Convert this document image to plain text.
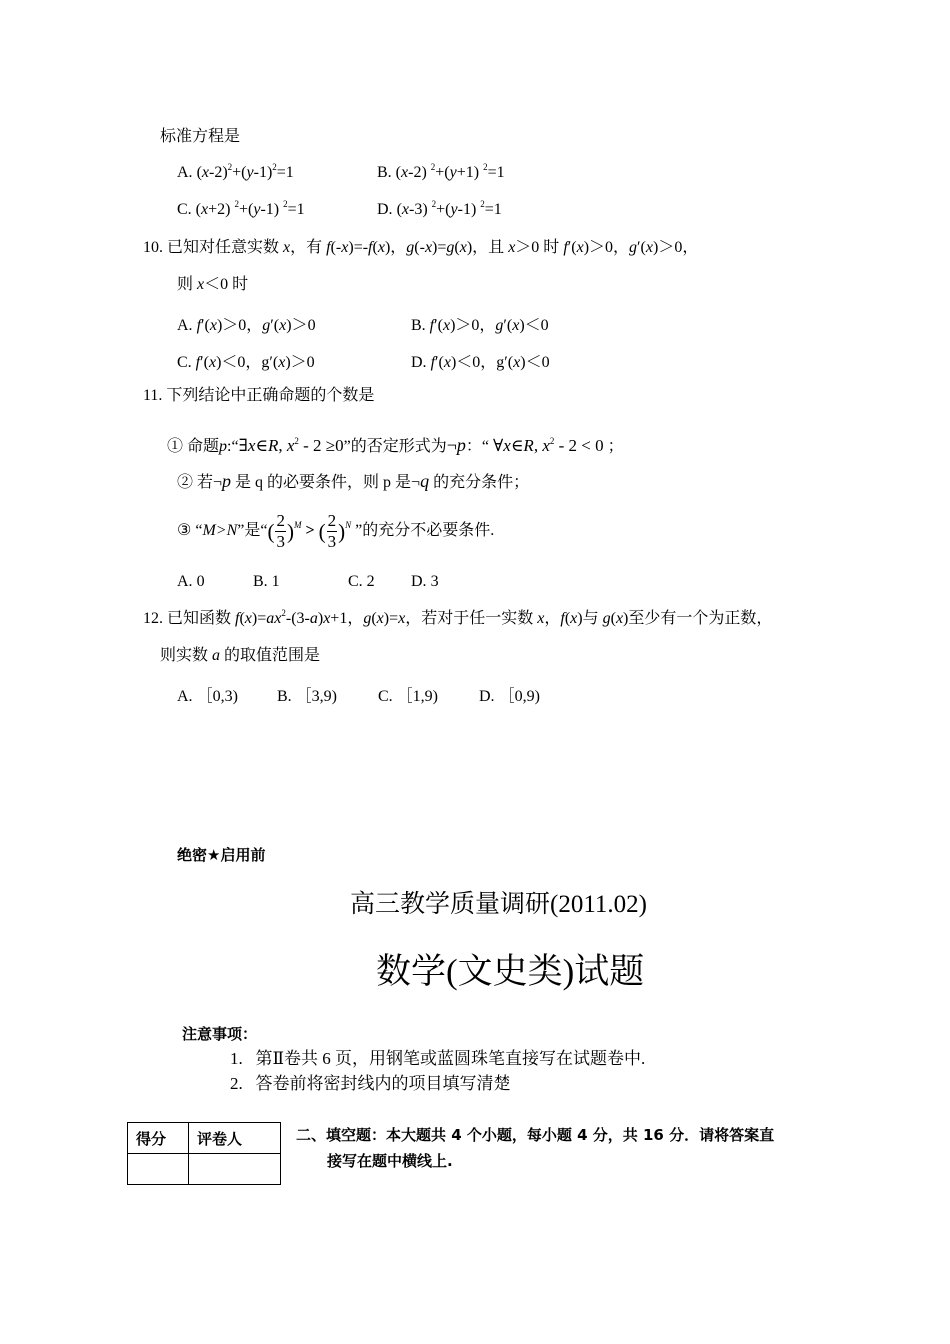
标准方程是
A. $(x-2)^2+(y-1)^2=1$	B. (x-2) $^2$+(y+1) $^2$=1
C. (x+2) $^2$+(y-1) $^2$=1	D. (x-3) $^2$+(y-1) $^2$=1
10. 已知对任意实数 x，有 f(-x)=-f(x)，g(-x)=g(x)，且 x＞0 时 f′(x)＞0，g′(x)＞0，
则 x＜0 时
A. f′(x)＞0，g′(x)＞0	B. f′(x)＞0，g′(x)＜0
C. f′(x)＜0，g′(x)＞0	D. f′(x)＜0，g′(x)＜0
11. 下列结论中正确命题的个数是
① 命题p:“∃x∈R, $x^2 - 2 \ge 0$”的否定形式为¬p：“ ∀x∈R, $x^2 - 2 < 0$ ；
② 若¬p 是 q 的必要条件，则 p 是¬q 的充分条件；
③ “M>N”是“( $\frac{2}{3} )^M$ > ( $\frac{2}{3} )^N$ ”的充分不必要条件.
A. 0	B. 1	C. 2 D. 3
12. 已知函数 $f(x)=ax^2-(3-a)x+1$，g(x)=x，若对于任一实数 x，f(x)与 g(x)至少有一个为正数，
则实数 a 的取值范围是
A. ［0,3) B. ［3,9)	C. ［1,9)	D. ［0,9)
绝密★启用前
高三教学质量调研(2011.02)
数学(文史类)试题
注意事项：
1. 第Ⅱ卷共 6 页，用钢笔或蓝圆珠笔直接写在试题卷中.
2. 答卷前将密封线内的项目填写清楚
得分	评卷人
		二、填空题：本大题共 4 个小题，每小题 4 分，共 16 分．请将答案直
接写在题中横线上.
